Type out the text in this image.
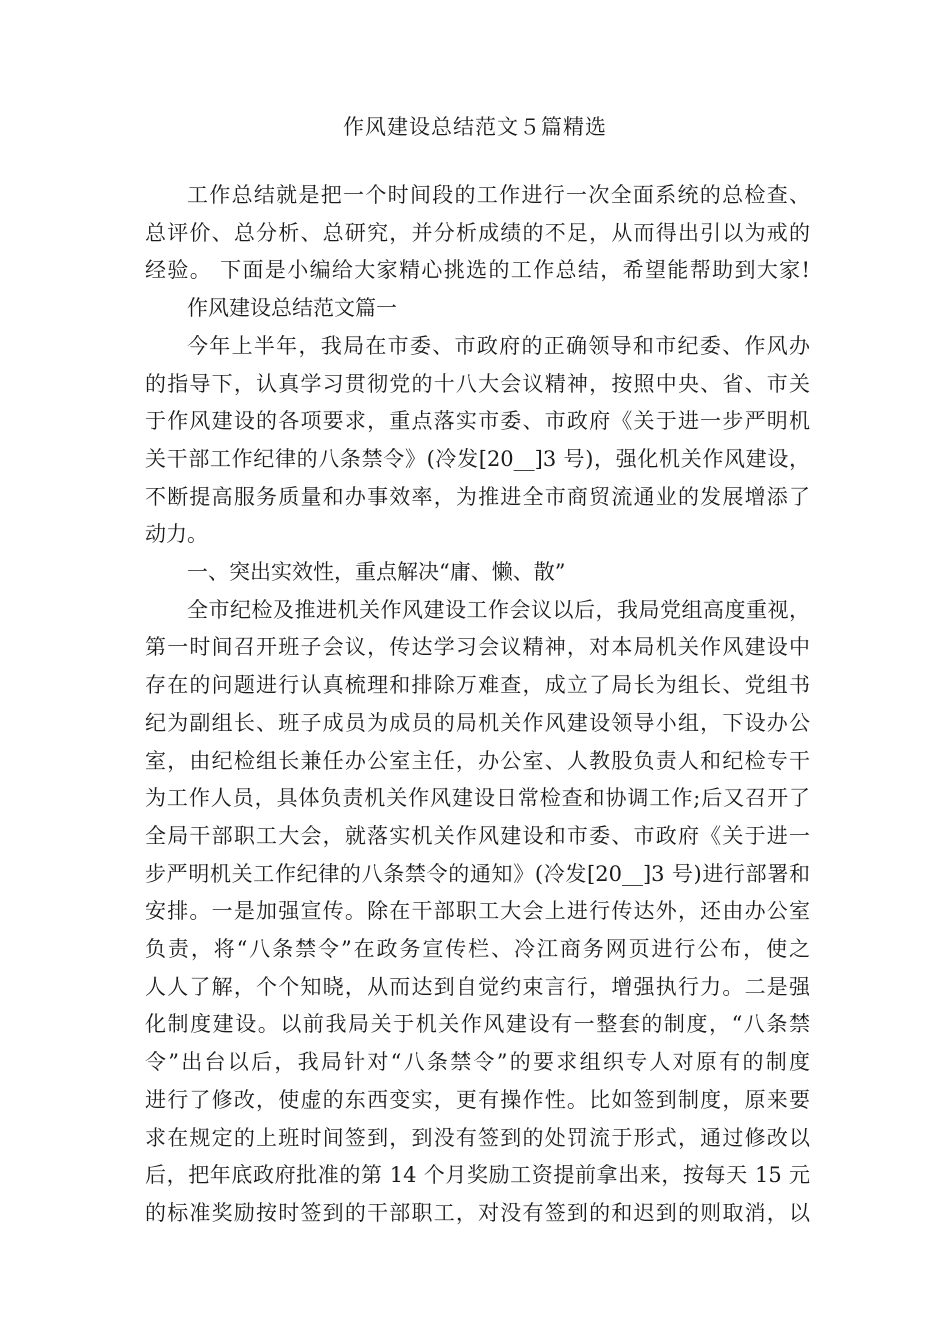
作风建设总结范文５篇精选
工作总结就是把一个时间段的工作进行一次全面系统的总检查、
总评价、总分析、总研究，并分析成绩的不足，从而得出引以为戒的
经验。 下面是小编给大家精心挑选的工作总结，希望能帮助到大家!
作风建设总结范文篇一
今年上半年，我局在市委、市政府的正确领导和市纪委、作风办
的指导下，认真学习贯彻党的十八大会议精神，按照中央、省、市关
于作风建设的各项要求，重点落实市委、市政府《关于进一步严明机
关干部工作纪律的八条禁令》(冷发[20__]3 号)，强化机关作风建设，
不断提高服务质量和办事效率，为推进全市商贸流通业的发展增添了
动力。
一、突出实效性，重点解决“庸、懒、散”
全市纪检及推进机关作风建设工作会议以后，我局党组高度重视，
第一时间召开班子会议，传达学习会议精神，对本局机关作风建设中
存在的问题进行认真梳理和排除万难查，成立了局长为组长、党组书
纪为副组长、班子成员为成员的局机关作风建设领导小组，下设办公
室，由纪检组长兼任办公室主任，办公室、人教股负责人和纪检专干
为工作人员，具体负责机关作风建设日常检查和协调工作;后又召开了
全局干部职工大会，就落实机关作风建设和市委、市政府《关于进一
步严明机关工作纪律的八条禁令的通知》(冷发[20__]3 号)进行部署和
安排。一是加强宣传。除在干部职工大会上进行传达外，还由办公室
负责，将“八条禁令”在政务宣传栏、冷江商务网页进行公布，使之
人人了解，个个知晓，从而达到自觉约束言行，增强执行力。二是强
化制度建设。以前我局关于机关作风建设有一整套的制度，“八条禁
令”出台以后，我局针对“八条禁令”的要求组织专人对原有的制度
进行了修改，使虚的东西变实，更有操作性。比如签到制度，原来要
求在规定的上班时间签到，到没有签到的处罚流于形式，通过修改以
后，把年底政府批准的第 14 个月奖励工资提前拿出来，按每天 15 元
的标准奖励按时签到的干部职工，对没有签到的和迟到的则取消，以
